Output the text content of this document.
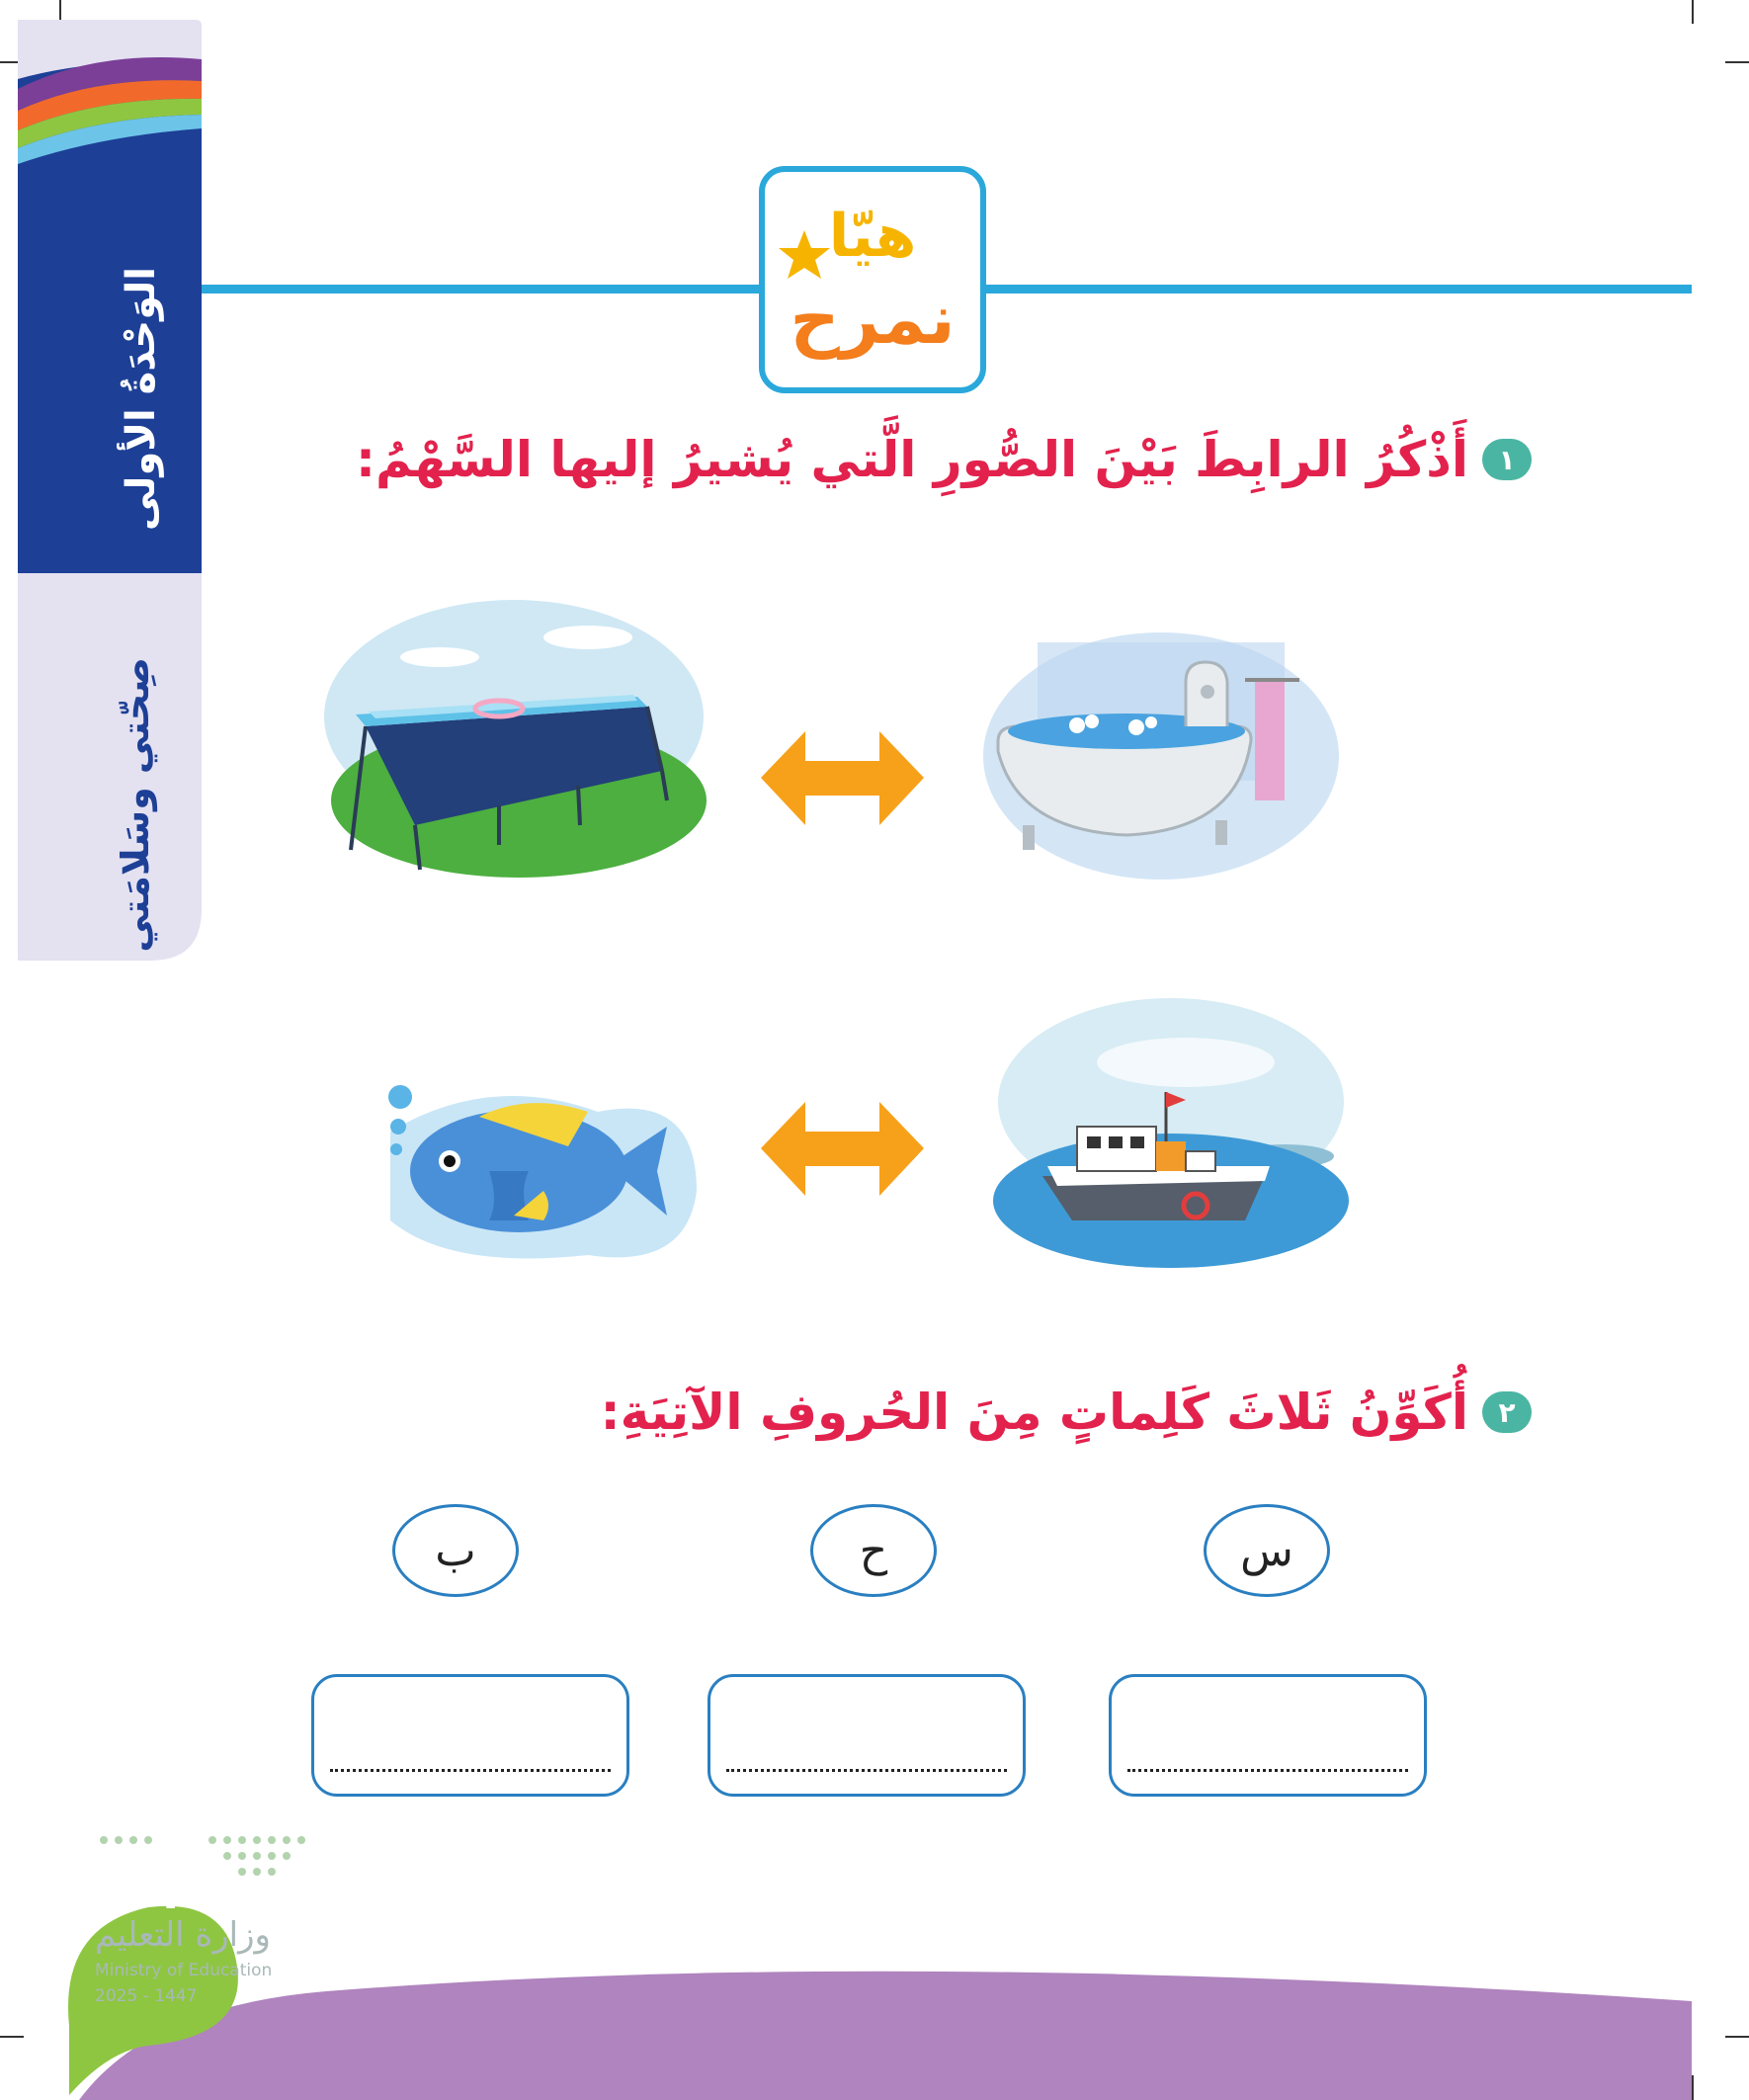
الوَحْدَةُ الأولى
صِحّتي وسَلامَتي
هيّا
نمرح
١
أَذْكُرُ الرابِطَ بَيْنَ الصُّورِ الَّتي يُشيرُ إليها السَّهْمُ:
٢
أُكَوِّنُ ثَلاثَ كَلِماتٍ مِنَ الحُروفِ الآتِيَةِ:
س
ح
ب
٢١
وزارة التعليم
Ministry of Education
2025 - 1447
